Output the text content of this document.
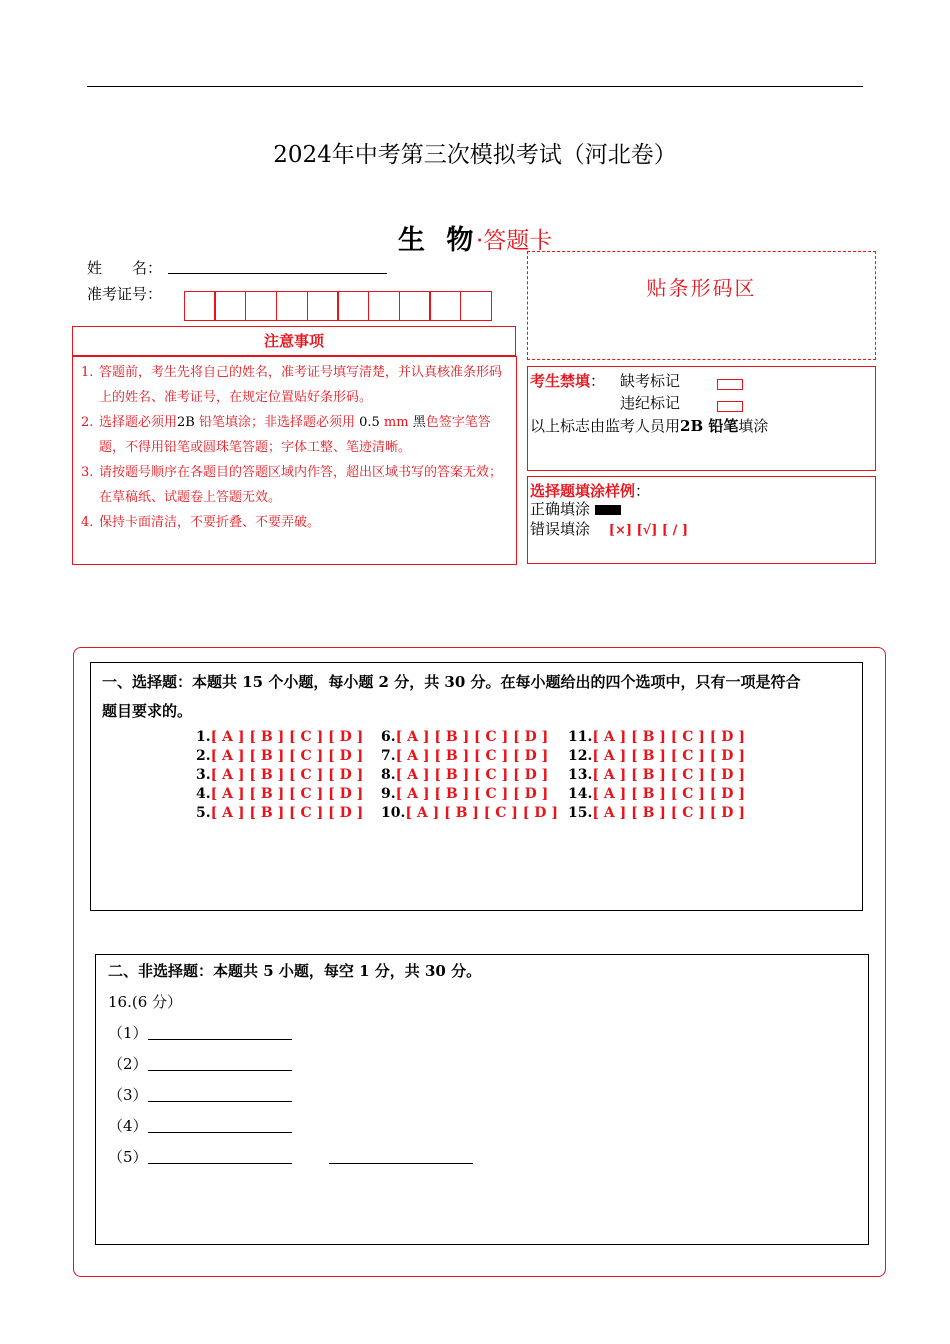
2024年中考第三次模拟考试（河北卷）
生 物
·答题卡
姓　　名：
准考证号：
注意事项
1. 答题前，考生先将自己的姓名，准考证号填写清楚，并认真核准条形码上的姓名、准考证号，在规定位置贴好条形码。
2. 选择题必须用2B 铅笔填涂；非选择题必须用 0.5 mm 黑色签字笔答题，不得用铅笔或圆珠笔答题；字体工整、笔迹清晰。
3. 请按题号顺序在各题目的答题区域内作答，超出区域书写的答案无效；在草稿纸、试题卷上答题无效。
4. 保持卡面清洁，不要折叠、不要弄破。
贴条形码区
考生禁填： 缺考标记
违纪标记
以上标志由监考人员用2B 铅笔填涂
选择题填涂样例：
正确填涂
错误填涂 [×] [√] [ / ]
一、选择题：本题共 15 个小题，每小题 2 分，共 30 分。在每小题给出的四个选项中，只有一项是符合
题目要求的。
1.[ A ] [ B ] [ C ] [ D ]
2.[ A ] [ B ] [ C ] [ D ]
3.[ A ] [ B ] [ C ] [ D ]
4.[ A ] [ B ] [ C ] [ D ]
5.[ A ] [ B ] [ C ] [ D ]
6.[ A ] [ B ] [ C ] [ D ]
7.[ A ] [ B ] [ C ] [ D ]
8.[ A ] [ B ] [ C ] [ D ]
9.[ A ] [ B ] [ C ] [ D ]
10.[ A ] [ B ] [ C ] [ D ]
11.[ A ] [ B ] [ C ] [ D ]
12.[ A ] [ B ] [ C ] [ D ]
13.[ A ] [ B ] [ C ] [ D ]
14.[ A ] [ B ] [ C ] [ D ]
15.[ A ] [ B ] [ C ] [ D ]
二、非选择题：本题共 5 小题，每空 1 分，共 30 分。
16.(6 分）
（1）
（2）
（3）
（4）
（5）
